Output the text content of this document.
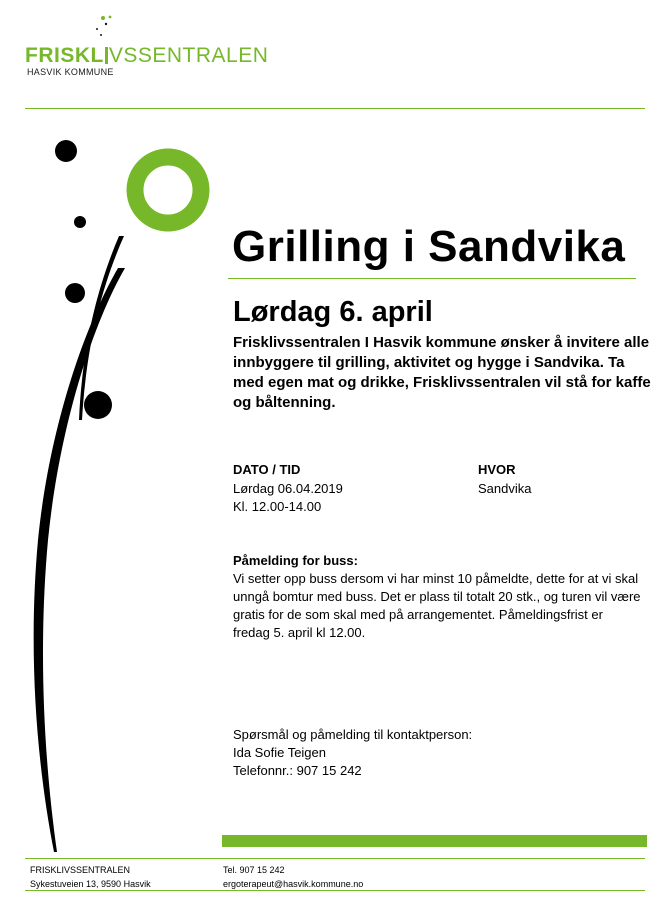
FRISKL VSSENTRALEN
HASVIK KOMMUNE
Grilling i Sandvika
Lørdag 6. april

Frisklivssentralen I Hasvik kommune ønsker å invitere alle innbyggere til grilling, aktivitet og hygge i Sandvika. Ta med egen mat og drikke, Frisklivssentralen vil stå for kaffe og båltenning.

DATO / TID
Lørdag 06.04.2019
Kl. 12.00-14.00
HVOR
Sandvika
Påmelding for buss:

Vi setter opp buss dersom vi har minst 10 påmeldte, dette for at vi skal unngå bomtur med buss. Det er plass til totalt 20 stk., og turen vil være gratis for de som skal med på arrangementet. Påmeldingsfrist er fredag 5. april kl 12.00.

Spørsmål og påmelding til kontaktperson:
Ida Sofie Teigen
Telefonnr.: 907 15 242
FRISKLIVSSENTRALEN
Sykestuveien 13, 9590 Hasvik
Tel. 907 15 242
ergoterapeut@hasvik.kommune.no
